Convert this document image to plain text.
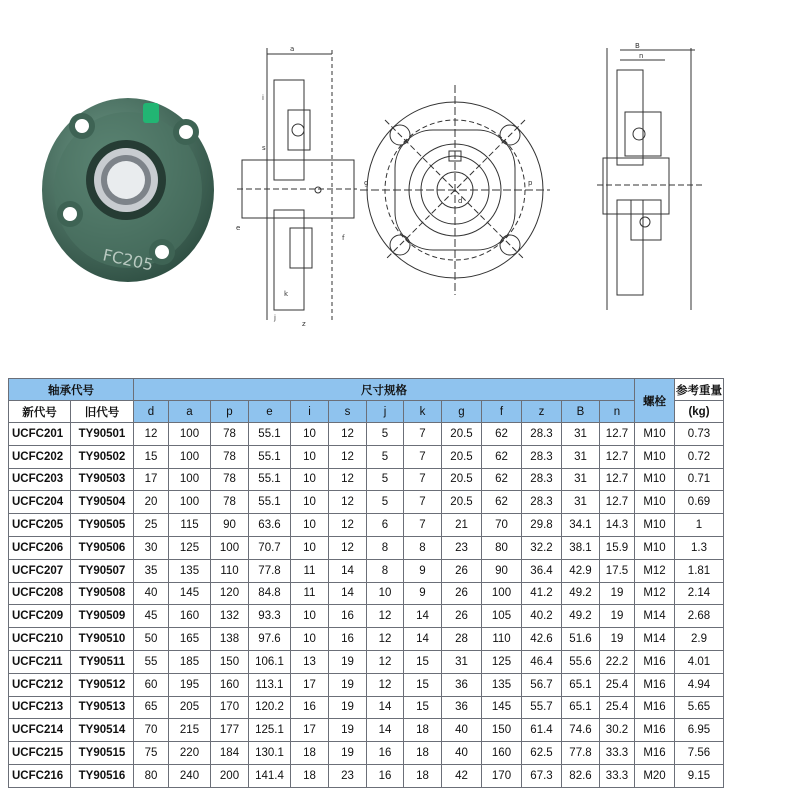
FC205
a
i
s
e
f
z
j
k
d
p
g
B
n
轴承代号		尺寸规格													螺栓	参考重量
新代号	旧代号	d	a	p	e	i	s	j	k	g	f	z	B	n		(kg)
UCFC201	TY90501	12	100	78	55.1	10	12	5	7	20.5	62	28.3	31	12.7	M10	0.73
UCFC202	TY90502	15	100	78	55.1	10	12	5	7	20.5	62	28.3	31	12.7	M10	0.72
UCFC203	TY90503	17	100	78	55.1	10	12	5	7	20.5	62	28.3	31	12.7	M10	0.71
UCFC204	TY90504	20	100	78	55.1	10	12	5	7	20.5	62	28.3	31	12.7	M10	0.69
UCFC205	TY90505	25	115	90	63.6	10	12	6	7	21	70	29.8	34.1	14.3	M10	1
UCFC206	TY90506	30	125	100	70.7	10	12	8	8	23	80	32.2	38.1	15.9	M10	1.3
UCFC207	TY90507	35	135	110	77.8	11	14	8	9	26	90	36.4	42.9	17.5	M12	1.81
UCFC208	TY90508	40	145	120	84.8	11	14	10	9	26	100	41.2	49.2	19	M12	2.14
UCFC209	TY90509	45	160	132	93.3	10	16	12	14	26	105	40.2	49.2	19	M14	2.68
UCFC210	TY90510	50	165	138	97.6	10	16	12	14	28	110	42.6	51.6	19	M14	2.9
UCFC211	TY90511	55	185	150	106.1	13	19	12	15	31	125	46.4	55.6	22.2	M16	4.01
UCFC212	TY90512	60	195	160	113.1	17	19	12	15	36	135	56.7	65.1	25.4	M16	4.94
UCFC213	TY90513	65	205	170	120.2	16	19	14	15	36	145	55.7	65.1	25.4	M16	5.65
UCFC214	TY90514	70	215	177	125.1	17	19	14	18	40	150	61.4	74.6	30.2	M16	6.95
UCFC215	TY90515	75	220	184	130.1	18	19	16	18	40	160	62.5	77.8	33.3	M16	7.56
UCFC216	TY90516	80	240	200	141.4	18	23	16	18	42	170	67.3	82.6	33.3	M20	9.15
